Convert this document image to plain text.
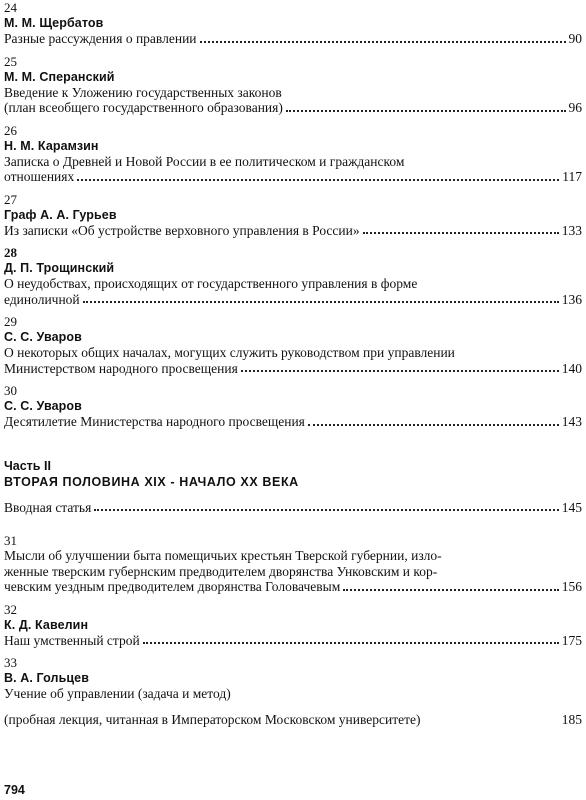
24
М. М. Щербатов
Разные рассуждения о правлении	90
25
М. М. Сперанский
Введение к Уложению государственных законов
(план всеобщего государственного образования)	96
26
Н. М. Карамзин
Записка о Древней и Новой России в ее политическом и гражданском
отношениях	117
27
Граф А. А. Гурьев
Из записки «Об устройстве верховного управления в России»	133
28
Д. П. Трощинский
О неудобствах, происходящих от государственного управления в форме
единоличной	136
29
С. С. Уваров
О некоторых общих началах, могущих служить руководством при управлении
Министерством народного просвещения	140
30
С. С. Уваров
Десятилетие Министерства народного просвещения	143
Часть II
ВТОРАЯ ПОЛОВИНА XIX - НАЧАЛО XX ВЕКА
Вводная статья	145
31
Мысли об улучшении быта помещичьих крестьян Тверской губернии, изло-
женные тверским губернским предводителем дворянства Унковским и кор-
чевским уездным предводителем дворянства Головачевым	156
32
К. Д. Кавелин
Наш умственный строй	175
33
В. А. Гольцев
Учение об управлении (задача и метод)
(пробная лекция, читанная в Императорском Московском университете)	185
794
